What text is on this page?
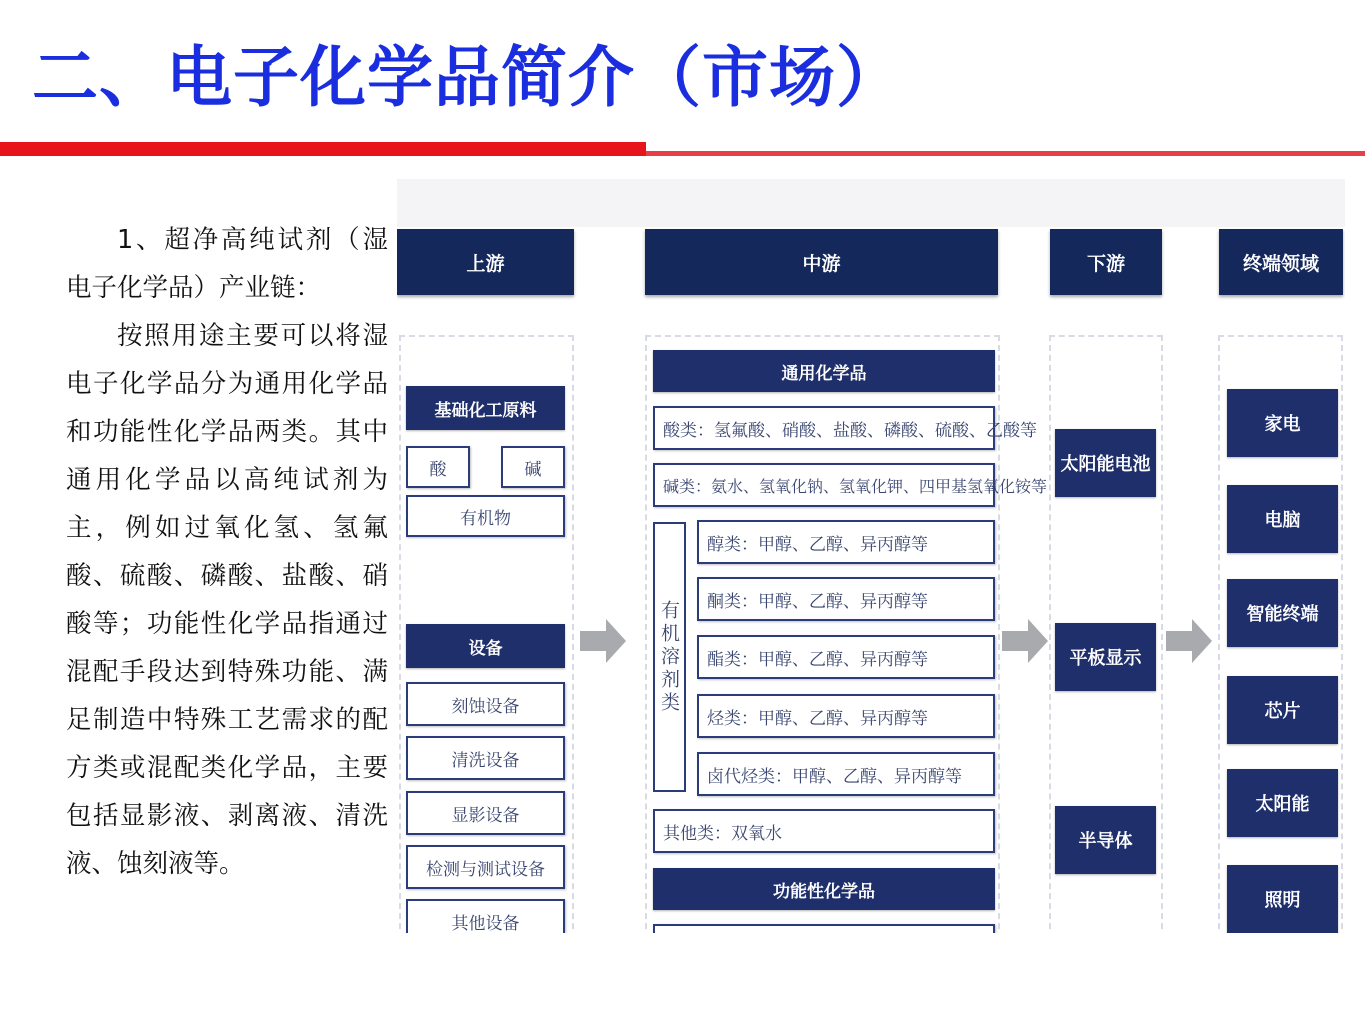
二、电子化学品简介（市场）

1、超净高纯试剂（湿电子化学品）产业链：

按照用途主要可以将湿电子化学品分为通用化学品和功能性化学品两类。其中通用化学品以高纯试剂为主，例如过氧化氢、氢氟酸、硫酸、磷酸、盐酸、硝酸等；功能性化学品指通过混配手段达到特殊功能、满足制造中特殊工艺需求的配方类或混配类化学品，主要包括显影液、剥离液、清洗液、蚀刻液等。

上游	中游	下游	终端领域
基础化工原料
酸	碱
有机物
设备
刻蚀设备
清洗设备
显影设备
检测与测试设备
其他设备
通用化学品
酸类：氢氟酸、硝酸、盐酸、磷酸、硫酸、乙酸等
碱类：氨水、氢氧化钠、氢氧化钾、四甲基氢氧化铵等
有机溶剂类
醇类：甲醇、乙醇、异丙醇等
酮类：甲醇、乙醇、异丙醇等
酯类：甲醇、乙醇、异丙醇等
烃类：甲醇、乙醇、异丙醇等
卤代烃类：甲醇、乙醇、异丙醇等
其他类：双氧水
功能性化学品
太阳能电池
平板显示
半导体
家电
电脑
智能终端
芯片
太阳能
照明
